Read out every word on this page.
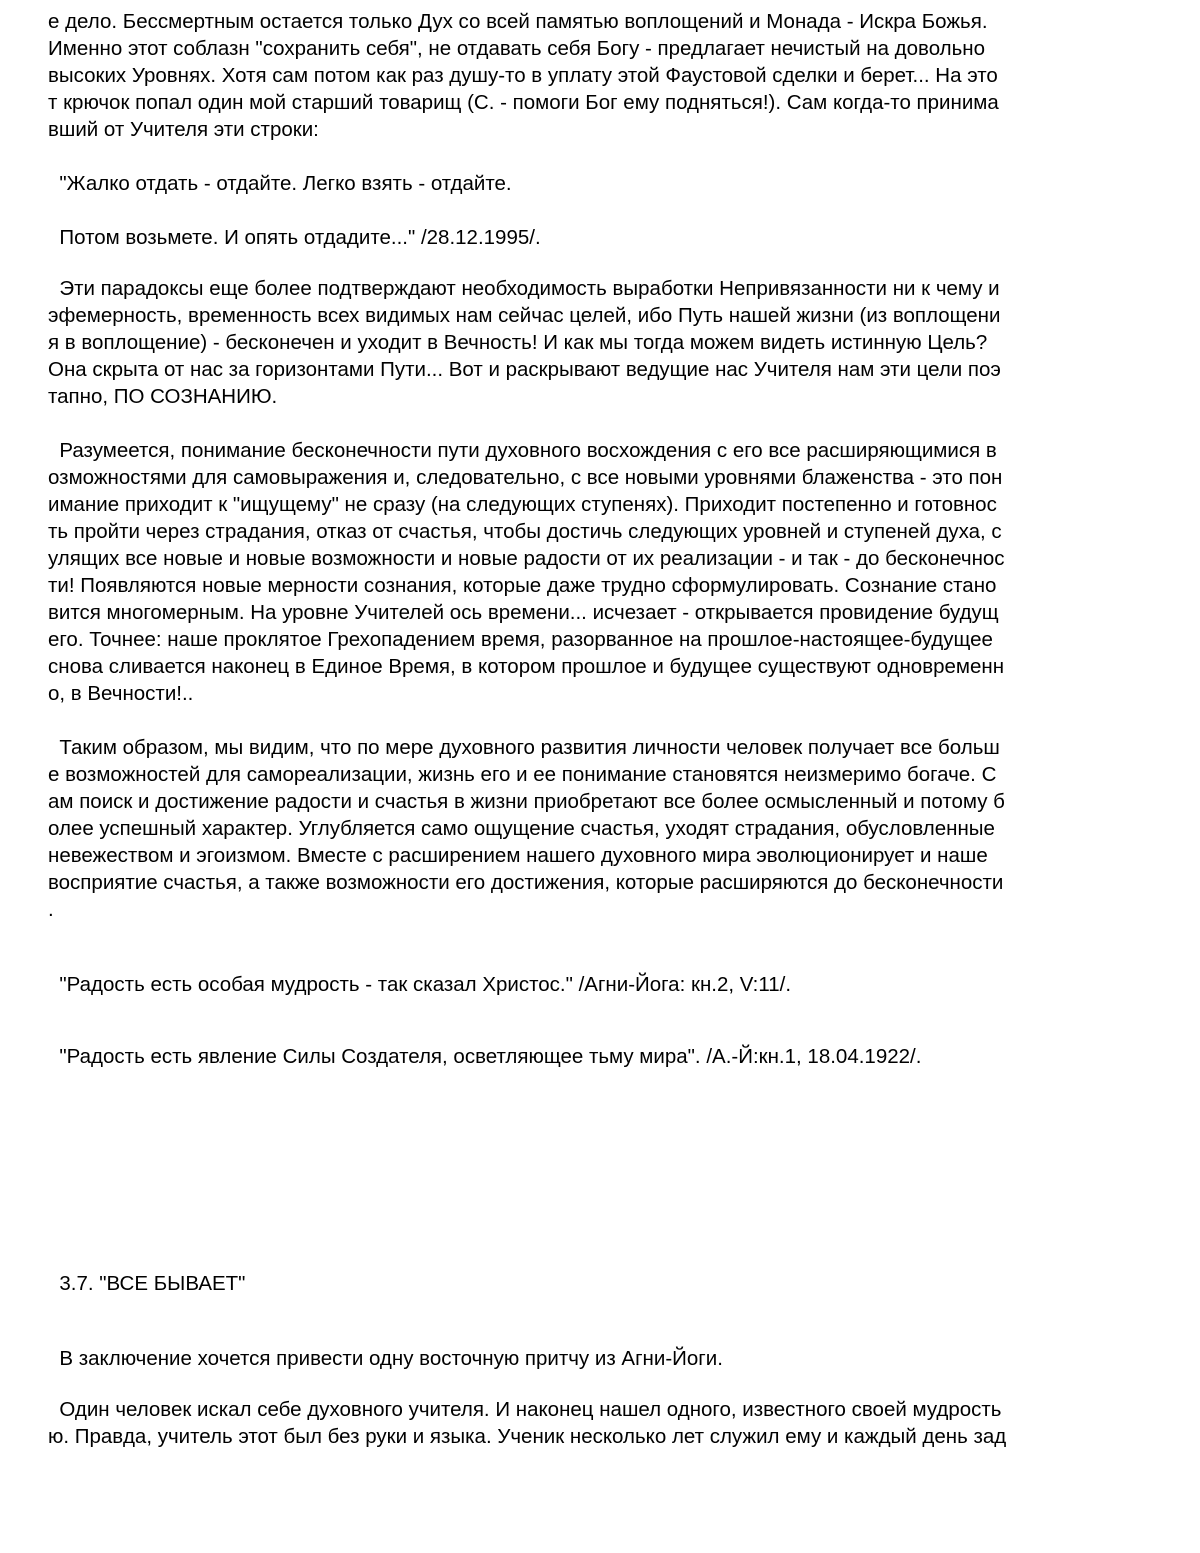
е дело. Бессмертным остается только Дух со всей памятью воплощений и Монада - Искра Божья.
Именно этот соблазн "сохранить себя", не отдавать себя Богу - предлагает нечистый на довольно
высоких Уровнях. Хотя сам потом как раз душу-то в уплату этой Фаустовой сделки и берет... На это
т крючок попал один мой старший товарищ (С. - помоги Бог ему подняться!). Сам когда-то принима
вший от Учителя эти строки:
"Жалко отдать - отдайте. Легко взять - отдайте.
Потом возьмете. И опять отдадите..." /28.12.1995/.
Эти парадоксы еще более подтверждают необходимость выработки Непривязанности ни к чему и
эфемерность, временность всех видимых нам сейчас целей, ибо Путь нашей жизни (из воплощени
я в воплощение) - бесконечен и уходит в Вечность! И как мы тогда можем видеть истинную Цель?
Она скрыта от нас за горизонтами Пути... Вот и раскрывают ведущие нас Учителя нам эти цели поэ
тапно, ПО СОЗНАНИЮ.
Разумеется, понимание бесконечности пути духовного восхождения с его все расширяющимися в
озможностями для самовыражения и, следовательно, с все новыми уровнями блаженства - это пон
имание приходит к "ищущему" не сразу (на следующих ступенях). Приходит постепенно и готовнос
ть пройти через страдания, отказ от счастья, чтобы достичь следующих уровней и ступеней духа, с
улящих все новые и новые возможности и новые радости от их реализации - и так - до бесконечнос
ти! Появляются новые мерности сознания, которые даже трудно сформулировать. Сознание стано
вится многомерным. На уровне Учителей ось времени... исчезает - открывается провидение будущ
его. Точнее: наше проклятое Грехопадением время, разорванное на прошлое-настоящее-будущее
снова сливается наконец в Единое Время, в котором прошлое и будущее существуют одновременн
о, в Вечности!..
Таким образом, мы видим, что по мере духовного развития личности человек получает все больш
е возможностей для самореализации, жизнь его и ее понимание становятся неизмеримо богаче. С
ам поиск и достижение радости и счастья в жизни приобретают все более осмысленный и потому б
олее успешный характер. Углубляется само ощущение счастья, уходят страдания, обусловленные
невежеством и эгоизмом. Вместе с расширением нашего духовного мира эволюционирует и наше
восприятие счастья, а также возможности его достижения, которые расширяются до бесконечности
.
"Радость есть особая мудрость - так сказал Христос." /Агни-Йога: кн.2, V:11/.
"Радость есть явление Силы Создателя, осветляющее тьму мира". /А.-Й:кн.1, 18.04.1922/.
3.7. "ВСЕ БЫВАЕТ"
В заключение хочется привести одну восточную притчу из Агни-Йоги.
Один человек искал себе духовного учителя. И наконец нашел одного, известного своей мудрость
ю. Правда, учитель этот был без руки и языка. Ученик несколько лет служил ему и каждый день зад
